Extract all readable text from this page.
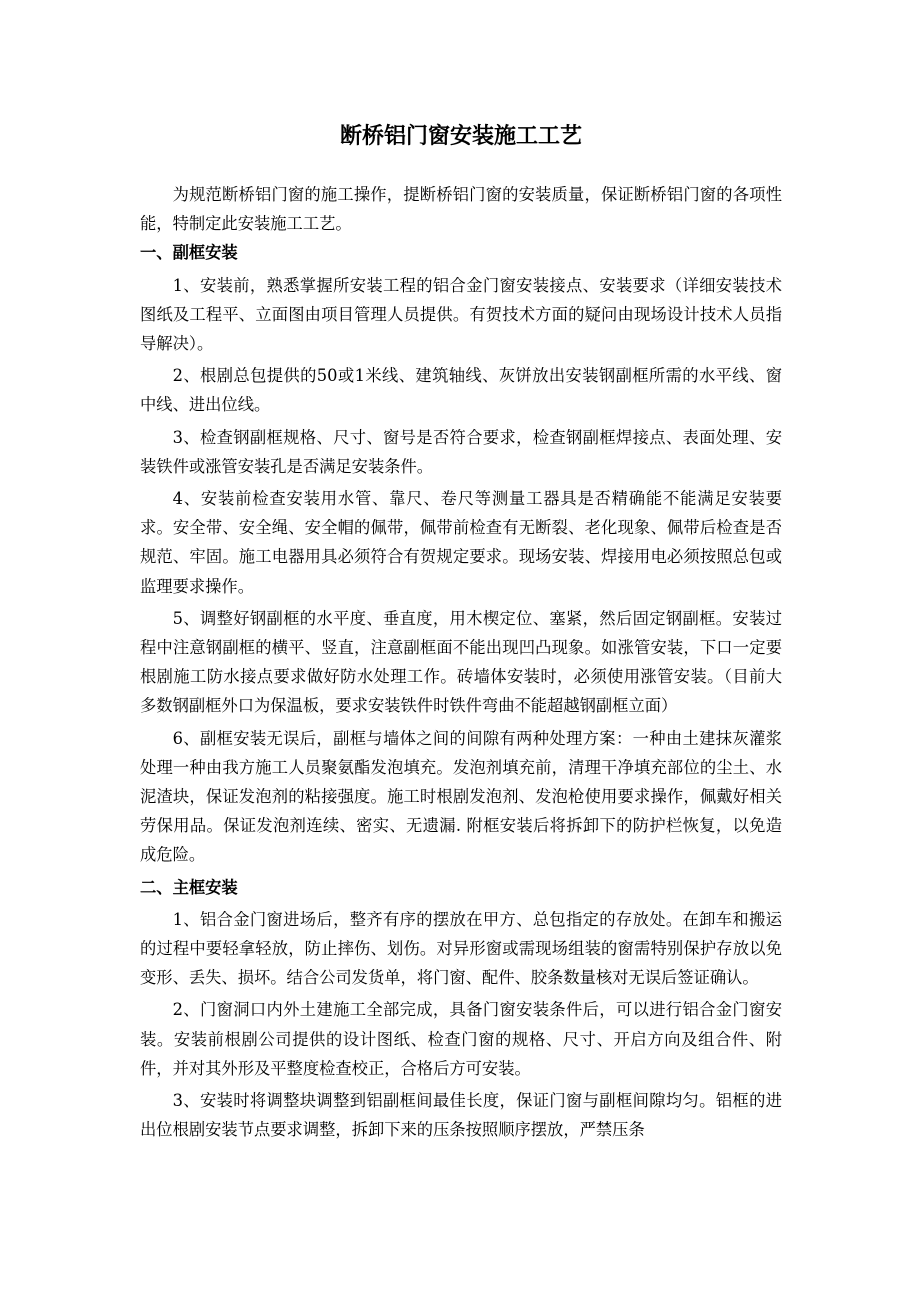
断桥铝门窗安装施工工艺

为规范断桥铝门窗的施工操作，提断桥铝门窗的安装质量，保证断桥铝门窗的各项性能，特制定此安装施工工艺。

一、副框安装

1、安装前，熟悉掌握所安装工程的铝合金门窗安装接点、安装要求（详细安装技术图纸及工程平、立面图由项目管理人员提供。有贺技术方面的疑问由现场设计技术人员指导解决）。

2、根剧总包提供的50或1米线、建筑轴线、灰饼放出安装钢副框所需的水平线、窗中线、进出位线。

3、检查钢副框规格、尺寸、窗号是否符合要求，检查钢副框焊接点、表面处理、安装铁件或涨管安装孔是否满足安装条件。

4、安装前检查安装用水管、靠尺、卷尺等测量工器具是否精确能不能满足安装要求。安全带、安全绳、安全帽的佩带，佩带前检查有无断裂、老化现象、佩带后检查是否规范、牢固。施工电器用具必须符合有贺规定要求。现场安装、焊接用电必须按照总包或监理要求操作。

5、调整好钢副框的水平度、垂直度，用木楔定位、塞紧，然后固定钢副框。安装过程中注意钢副框的横平、竖直，注意副框面不能出现凹凸现象。如涨管安装，下口一定要根剧施工防水接点要求做好防水处理工作。砖墙体安装时，必须使用涨管安装。（目前大多数钢副框外口为保温板，要求安装铁件时铁件弯曲不能超越钢副框立面）

6、副框安装无误后，副框与墙体之间的间隙有两种处理方案：一种由土建抹灰灌浆处理一种由我方施工人员聚氨酯发泡填充。发泡剂填充前，清理干净填充部位的尘土、水泥渣块，保证发泡剂的粘接强度。施工时根剧发泡剂、发泡枪使用要求操作，佩戴好相关劳保用品。保证发泡剂连续、密实、无遗漏. 附框安装后将拆卸下的防护栏恢复，以免造成危险。

二、主框安装

1、铝合金门窗进场后，整齐有序的摆放在甲方、总包指定的存放处。在卸车和搬运的过程中要轻拿轻放，防止摔伤、划伤。对异形窗或需现场组装的窗需特别保护存放以免变形、丢失、损坏。结合公司发货单，将门窗、配件、胶条数量核对无误后签证确认。

2、门窗洞口内外土建施工全部完成，具备门窗安装条件后，可以进行铝合金门窗安装。安装前根剧公司提供的设计图纸、检查门窗的规格、尺寸、开启方向及组合件、附件，并对其外形及平整度检查校正，合格后方可安装。

3、安装时将调整块调整到铝副框间最佳长度，保证门窗与副框间隙均匀。铝框的进出位根剧安装节点要求调整，拆卸下来的压条按照顺序摆放，严禁压条
